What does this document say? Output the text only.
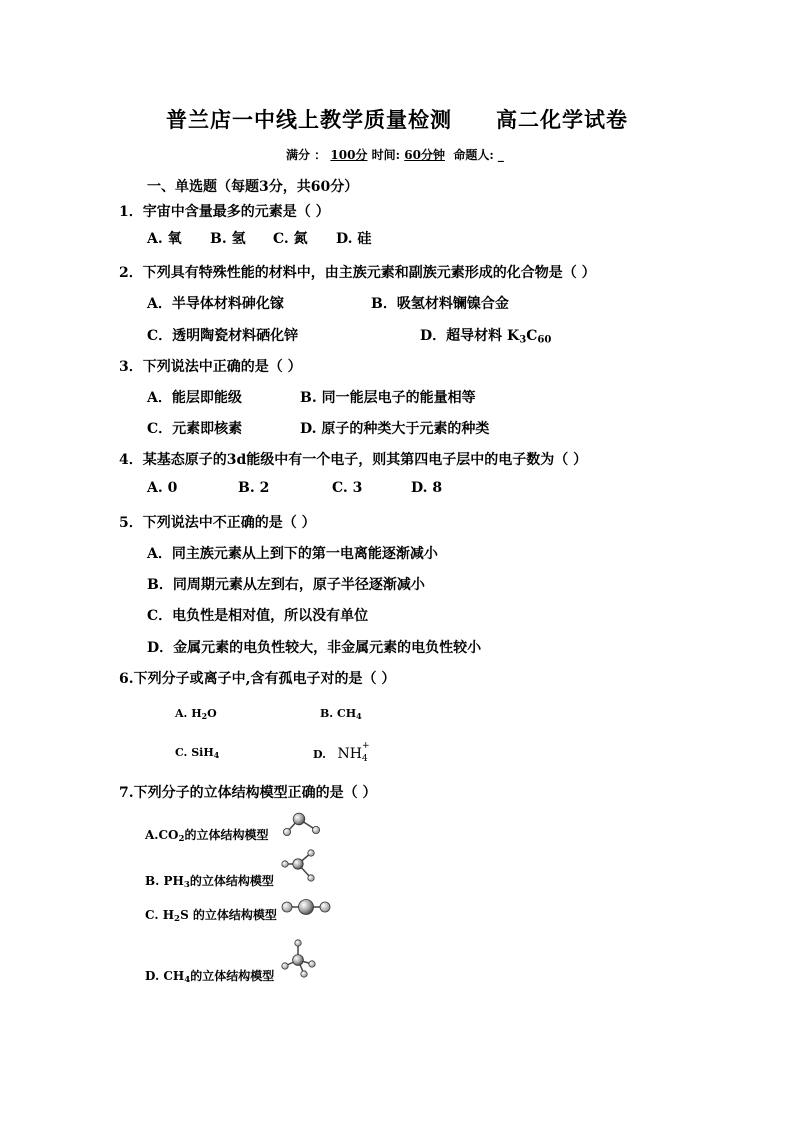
普兰店一中线上教学质量检测 高二化学试卷
满分 ： 100分 时间: 60分钟 命题人: _
一、单选题（每题3分，共60分）
1．宇宙中含量最多的元素是（ ）
A. 氧 B. 氢 C. 氮 D. 硅
2．下列具有特殊性能的材料中，由主族元素和副族元素形成的化合物是（ ）
A．半导体材料砷化镓	B．吸氢材料镧镍合金
C．透明陶瓷材料硒化锌	D．超导材料 $K_3C_{60}$
3．下列说法中正确的是（ ）
A．能层即能级	B. 同一能层电子的能量相等
C．元素即核素	D. 原子的种类大于元素的种类
4．某基态原子的3d能级中有一个电子，则其第四电子层中的电子数为（ ）
A. 0	B. 2	C. 3	D. 8
5．下列说法中不正确的是（ ）
A．同主族元素从上到下的第一电离能逐渐减小
B．同周期元素从左到右，原子半径逐渐减小
C．电负性是相对值，所以没有单位
D．金属元素的电负性较大，非金属元素的电负性较小
6.下列分子或离子中,含有孤电子对的是（ ）
A. $H_2O$	B. $CH_4$
C. SiH$_4$	D. NH +
4
7.下列分子的立体结构模型正确的是（ ）
$A.CO_2$的立体结构模型
B. $PH_3$的立体结构模型
C. $H_2S$ 的立体结构模型
D. $CH_4$的立体结构模型
